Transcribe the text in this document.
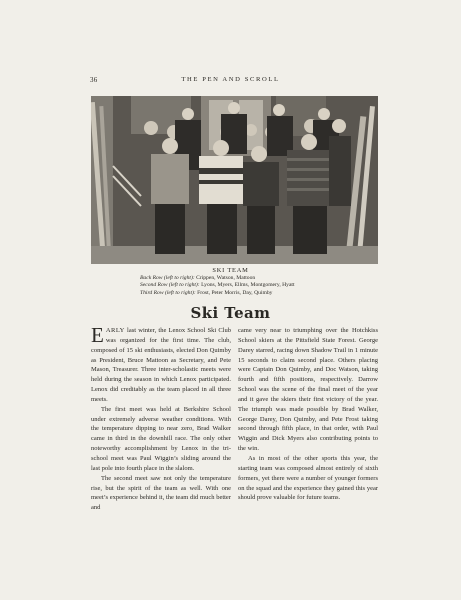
36	THE PEN AND SCROLL
SKI TEAM
Back Row (left to right): Crippen, Watson, Mattoon
Second Row (left to right): Lyons, Myers, Ellms, Montgomery, Hyatt
Third Row (left to right): Frost, Peter Morris, Day, Quimby
Ski Team

EARLY last winter, the Lenox School Ski Club was organized for the first time. The club, composed of 15 ski enthusiasts, elected Don Quimby as President, Bruce Mattoon as Secretary, and Pete Mason, Treasurer. Three inter-scholastic meets were held during the season in which Lenox participated. Lenox did creditably as the team placed in all three meets.

The first meet was held at Berkshire School under extremely adverse weather conditions. With the temperature dipping to near zero, Brad Walker came in third in the downhill race. The only other noteworthy accomplishment by Lenox in the tri-school meet was Paul Wiggin’s sliding around the last pole into fourth place in the slalom.

The second meet saw not only the temperature rise, but the spirit of the team as well. With one meet’s experience behind it, the team did much better and

came very near to triumphing over the Hotchkiss School skiers at the Pittsfield State Forest. George Darey starred, racing down Shadow Trail in 1 minute 15 seconds to claim second place. Others placing were Captain Don Quimby, and Doc Watson, taking fourth and fifth positions, respectively. Darrow School was the scene of the final meet of the year and it gave the skiers their first victory of the year. The triumph was made possible by Brad Walker, George Darey, Don Quimby, and Pete Frost taking second through fifth place, in that order, with Paul Wiggin and Dick Myers also contributing points to the win.

As in most of the other sports this year, the starting team was composed almost entirely of sixth formers, yet there were a number of younger formers on the squad and the experience they gained this year should prove valuable for future teams.
